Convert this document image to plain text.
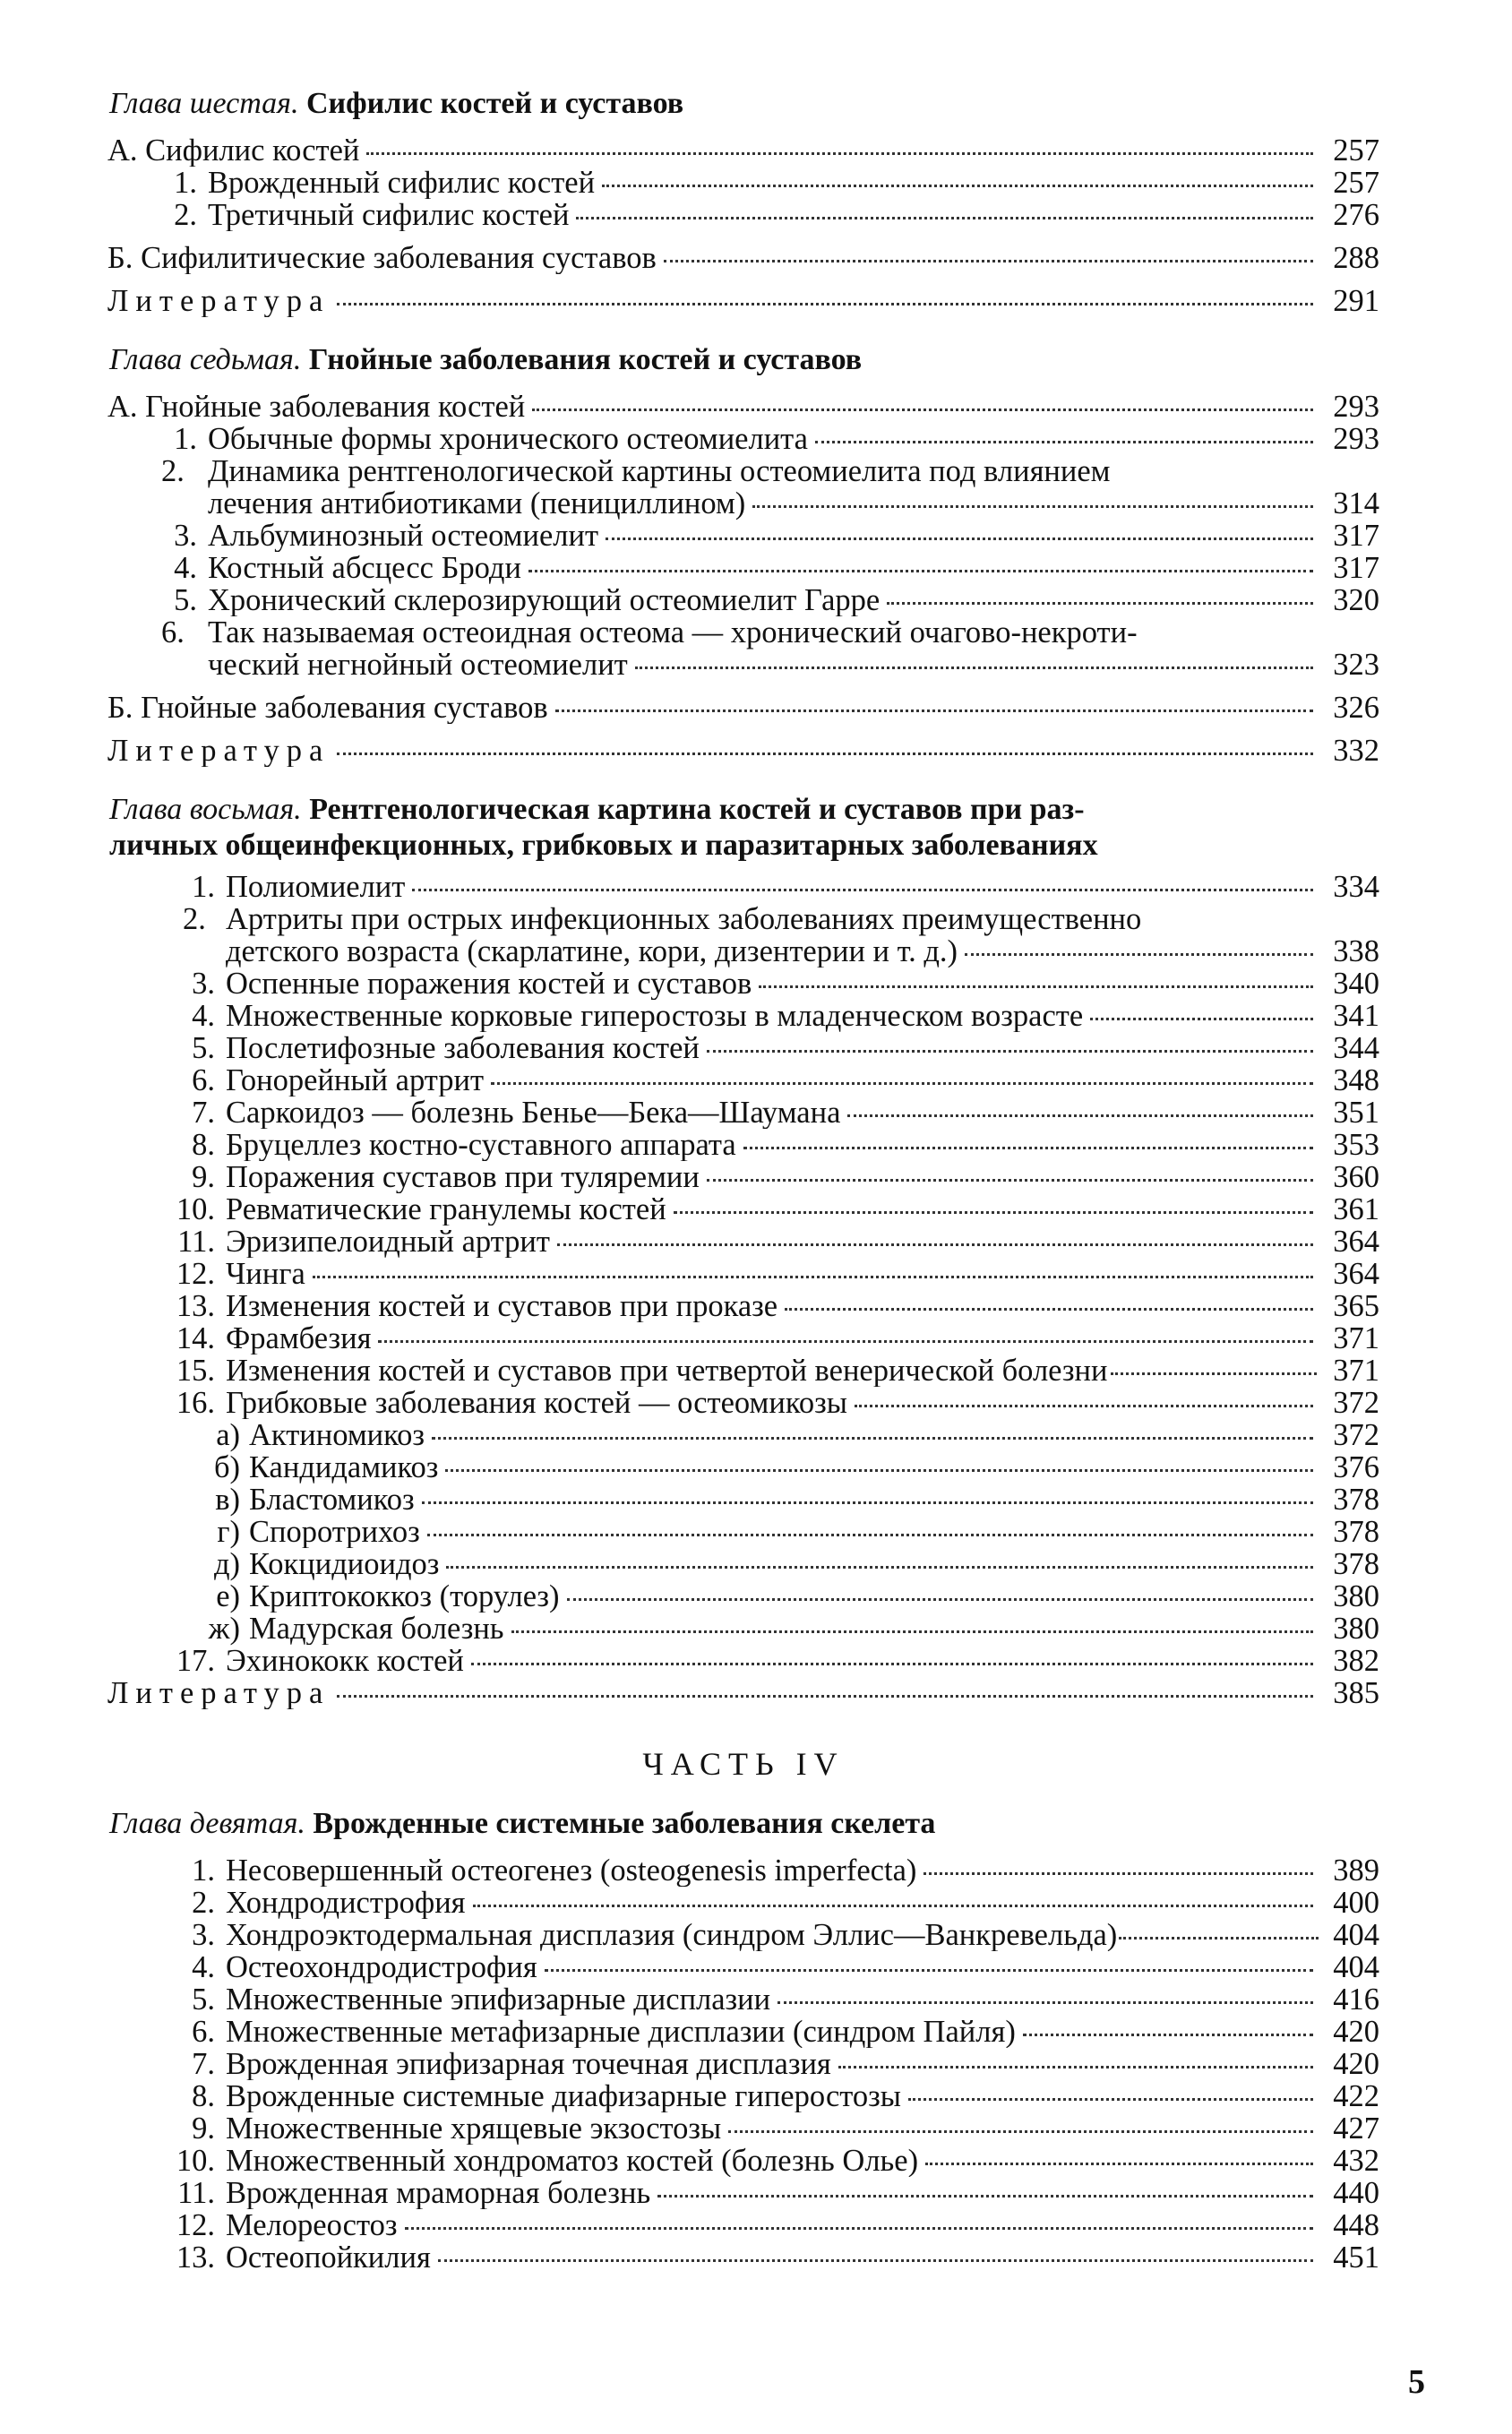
Глава шестая. Сифилис костей и суставов
А. Сифилис костей	257
1. Врожденный сифилис костей	257
2. Третичный сифилис костей	276
Б. Сифилитические заболевания суставов	288
Литература	291
Глава седьмая. Гнойные заболевания костей и суставов
А. Гнойные заболевания костей	293
1. Обычные формы хронического остеомиелита	293
2. Динамика рентгенологической картины остеомиелита под влиянием
лечения антибиотиками (пенициллином)	314
3. Альбуминозный остеомиелит	317
4. Костный абсцесс Броди	317
5. Хронический склерозирующий остеомиелит Гарре	320
6. Так называемая остеоидная остеома — хронический очагово-некроти-
ческий негнойный остеомиелит	323
Б. Гнойные заболевания суставов	326
Литература	332
Глава восьмая. Рентгенологическая картина костей и суставов при раз-
личных общеинфекционных, грибковых и паразитарных заболеваниях
1. Полиомиелит	334
2. Артриты при острых инфекционных заболеваниях преимущественно
детского возраста (скарлатине, кори, дизентерии и т. д.)	338
3. Оспенные поражения костей и суставов	340
4. Множественные корковые гиперостозы в младенческом возрасте	341
5. Послетифозные заболевания костей	344
6. Гонорейный артрит	348
7. Саркоидоз — болезнь Бенье—Бека—Шаумана	351
8. Бруцеллез костно-суставного аппарата	353
9. Поражения суставов при туляремии	360
10. Ревматические гранулемы костей	361
11. Эризипелоидный артрит	364
12. Чинга	364
13. Изменения костей и суставов при проказе	365
14. Фрамбезия	371
15. Изменения костей и суставов при четвертой венерической болезни	371
16. Грибковые заболевания костей — остеомикозы	372
а) Актиномикоз	372
б) Кандидамикоз	376
в) Бластомикоз	378
г) Споротрихоз	378
д) Кокцидиоидоз	378
е) Криптококкоз (торулез)	380
ж) Мадурская болезнь	380
17. Эхинококк костей	382
Литература	385
ЧАСТЬ IV
Глава девятая. Врожденные системные заболевания скелета
1. Несовершенный остеогенез (osteogenesis imperfecta)	389
2. Хондродистрофия	400
3. Хондроэктодермальная дисплазия (синдром Эллис—Ванкревельда)	404
4. Остеохондродистрофия	404
5. Множественные эпифизарные дисплазии	416
6. Множественные метафизарные дисплазии (синдром Пайля)	420
7. Врожденная эпифизарная точечная дисплазия	420
8. Врожденные системные диафизарные гиперостозы	422
9. Множественные хрящевые экзостозы	427
10. Множественный хондроматоз костей (болезнь Олье)	432
11. Врожденная мраморная болезнь	440
12. Мелореостоз	448
13. Остеопойкилия	451
5
